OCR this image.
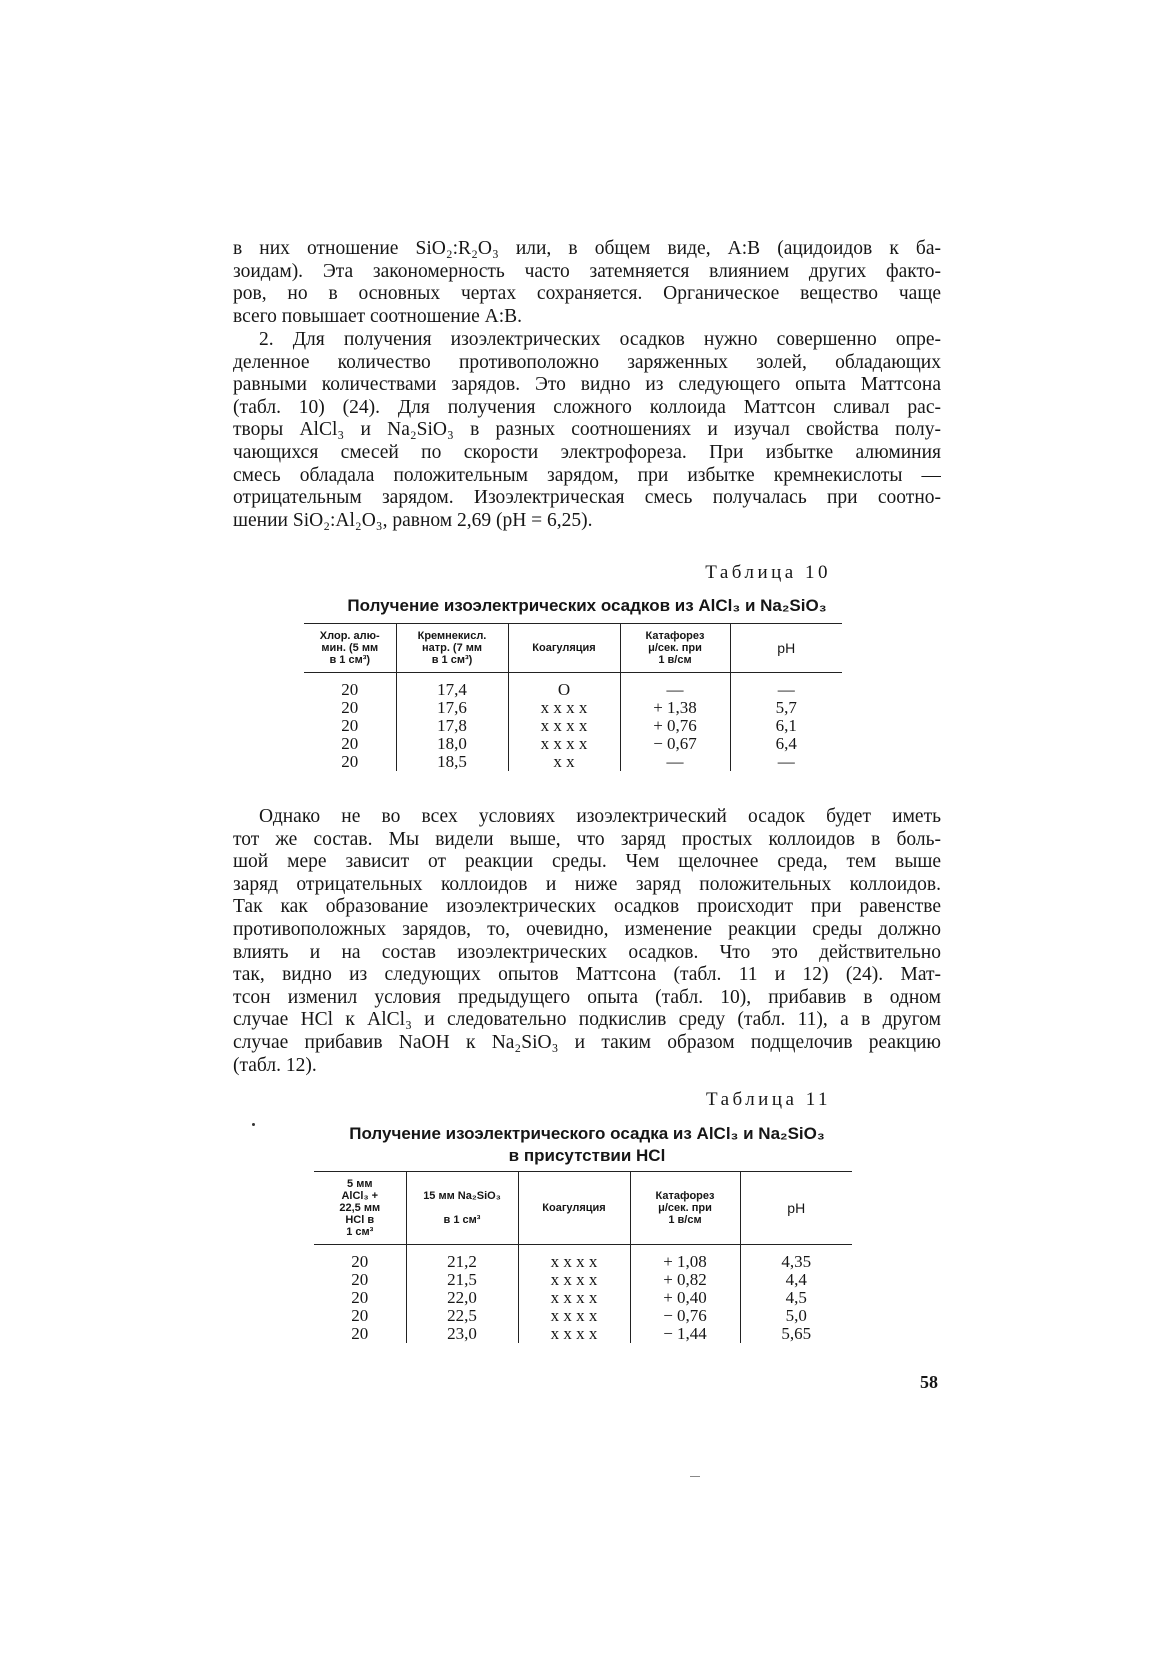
в них отношение SiO₂:R₂O₃ или, в общем виде, A:B (ацидоидов к ба-
зоидам). Эта закономерность часто затемняется влиянием других факто-
ров, но в основных чертах сохраняется. Органическое вещество чаще
всего повышает соотношение A:B.
2. Для получения изоэлектрических осадков нужно совершенно опре-
деленное количество противоположно заряженных золей, обладающих
равными количествами зарядов. Это видно из следующего опыта Маттсона
(табл. 10) (24). Для получения сложного коллоида Маттсон сливал рас-
творы AlCl₃ и Na₂SiO₃ в разных соотношениях и изучал свойства полу-
чающихся смесей по скорости электрофореза. При избытке алюминия
смесь обладала положительным зарядом, при избытке кремнекислоты —
отрицательным зарядом. Изоэлектрическая смесь получалась при соотно-
шении SiO₂:Al₂O₃, равном 2,69 (pH = 6,25).
Таблица 10
Получение изоэлектрических осадков из AlCl₃ и Na₂SiO₃
Хлор. алю-
мин. (5 мм
в 1 см³)	Кремнекисл.
натр. (7 мм
в 1 см³)	Коагуляция	Катафорез
μ/сек. при
1 в/см	pH

20	17,4	O	—	—
20	17,6	x x x x	+ 1,38	5,7
20	17,8	x x x x	+ 0,76	6,1
20	18,0	x x x x	− 0,67	6,4
20	18,5	x x	—	—
Однако не во всех условиях изоэлектрический осадок будет иметь
тот же состав. Мы видели выше, что заряд простых коллоидов в боль-
шой мере зависит от реакции среды. Чем щелочнее среда, тем выше
заряд отрицательных коллоидов и ниже заряд положительных коллоидов.
Так как образование изоэлектрических осадков происходит при равенстве
противоположных зарядов, то, очевидно, изменение реакции среды должно
влиять и на состав изоэлектрических осадков. Что это действительно
так, видно из следующих опытов Маттсона (табл. 11 и 12) (24). Мат-
тсон изменил условия предыдущего опыта (табл. 10), прибавив в одном
случае HCl к AlCl₃ и следовательно подкислив среду (табл. 11), а в другом
случае прибавив NaOH к Na₂SiO₃ и таким образом подщелочив реакцию
(табл. 12).
Таблица 11
Получение изоэлектрического осадка из AlCl₃ и Na₂SiO₃
в присутствии HCl
5 мм
AlCl₃ +
22,5 мм
HCl в
1 см³	15 мм Na₂SiO₃

в 1 см³	Коагуляция	Катафорез
μ/сек. при
1 в/см	pH

20	21,2	x x x x	+ 1,08	4,35
20	21,5	x x x x	+ 0,82	4,4
20	22,0	x x x x	+ 0,40	4,5
20	22,5	x x x x	− 0,76	5,0
20	23,0	x x x x	− 1,44	5,65
58
